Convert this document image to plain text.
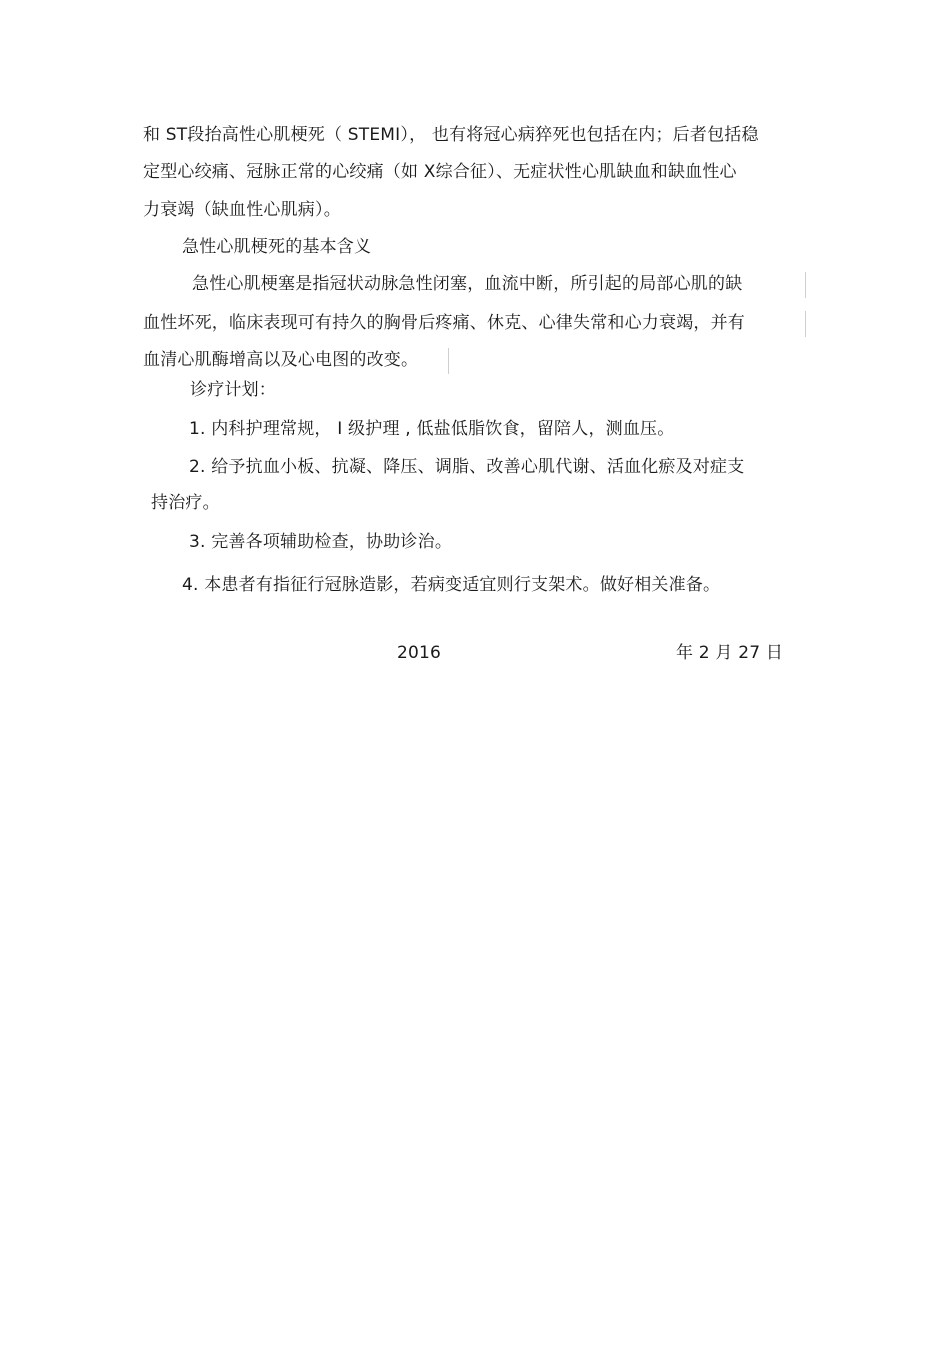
和 ST段抬高性心肌梗死（ STEMI）， 也有将冠心病猝死也包括在内；后者包括稳
定型心绞痛、冠脉正常的心绞痛（如 X综合征）、无症状性心肌缺血和缺血性心
力衰竭（缺血性心肌病）。
急性心肌梗死的基本含义
急性心肌梗塞是指冠状动脉急性闭塞，血流中断，所引起的局部心肌的缺
血性坏死，临床表现可有持久的胸骨后疼痛、休克、心律失常和心力衰竭，并有
血清心肌酶增高以及心电图的改变。
诊疗计划：
1. 内科护理常规， Ⅰ 级护理 , 低盐低脂饮食，留陪人，测血压。
2. 给予抗血小板、抗凝、降压、调脂、改善心肌代谢、活血化瘀及对症支
持治疗。
3. 完善各项辅助检查，协助诊治。
4. 本患者有指征行冠脉造影，若病变适宜则行支架术。做好相关准备。
2016	年 2 月 27 日
